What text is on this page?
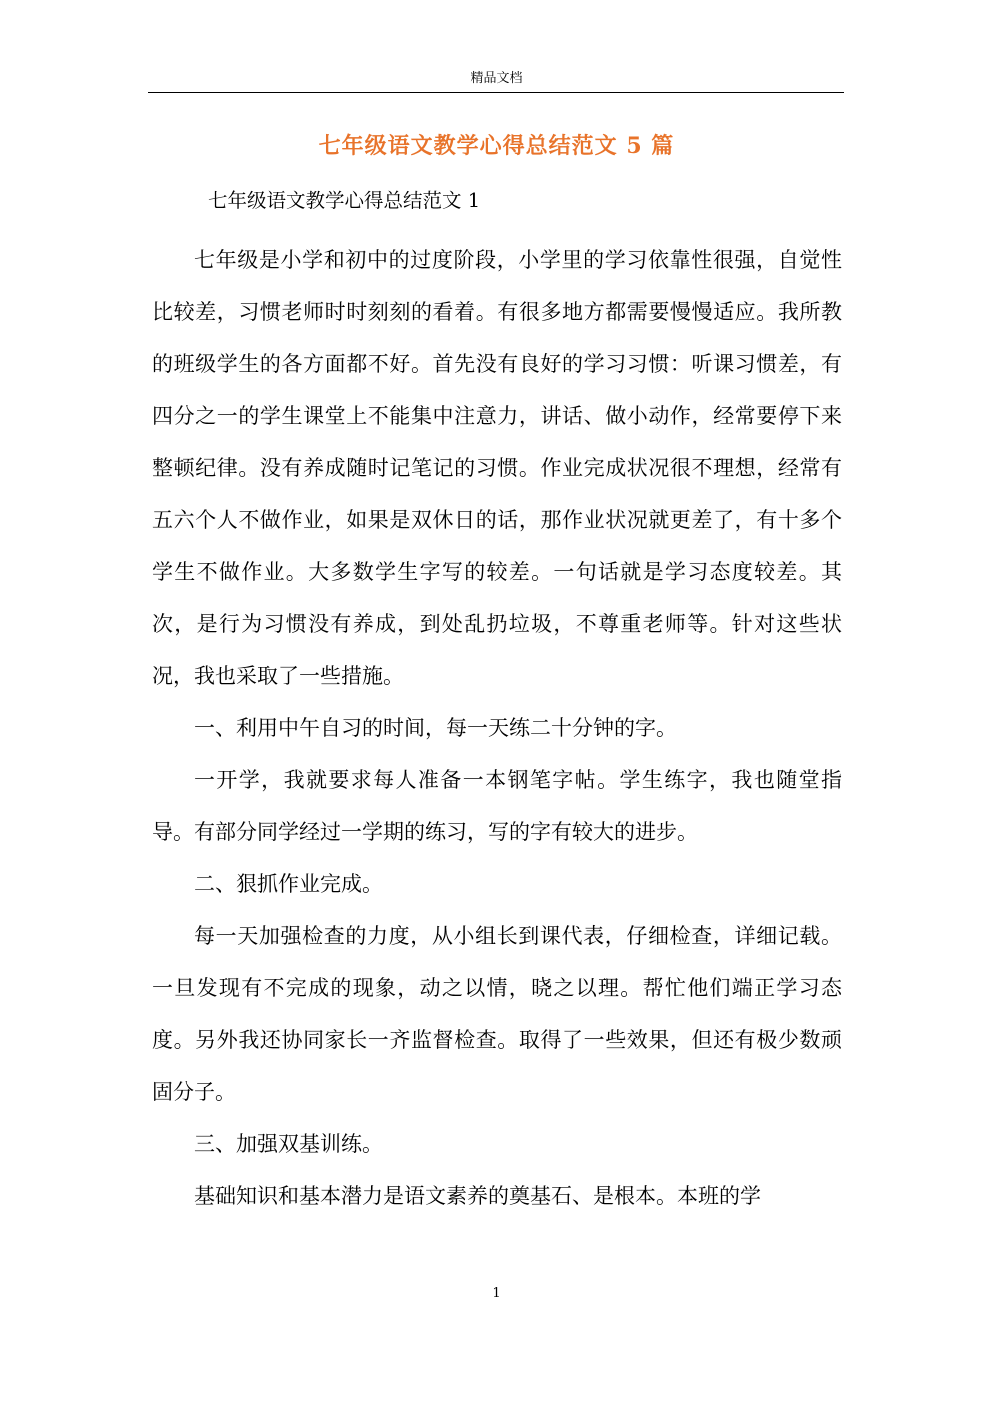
精品文档
七年级语文教学心得总结范文 5 篇
七年级语文教学心得总结范文 1

七年级是小学和初中的过度阶段，小学里的学习依靠性很强，自觉性比较差，习惯老师时时刻刻的看着。有很多地方都需要慢慢适应。我所教的班级学生的各方面都不好。首先没有良好的学习习惯：听课习惯差，有四分之一的学生课堂上不能集中注意力，讲话、做小动作，经常要停下来整顿纪律。没有养成随时记笔记的习惯。作业完成状况很不理想，经常有五六个人不做作业，如果是双休日的话，那作业状况就更差了，有十多个学生不做作业。大多数学生字写的较差。一句话就是学习态度较差。其次，是行为习惯没有养成，到处乱扔垃圾，不尊重老师等。针对这些状况，我也采取了一些措施。

一、利用中午自习的时间，每一天练二十分钟的字。

一开学，我就要求每人准备一本钢笔字帖。学生练字，我也随堂指导。有部分同学经过一学期的练习，写的字有较大的进步。

二、狠抓作业完成。

每一天加强检查的力度，从小组长到课代表，仔细检查，详细记载。一旦发现有不完成的现象，动之以情，晓之以理。帮忙他们端正学习态度。另外我还协同家长一齐监督检查。取得了一些效果，但还有极少数顽固分子。

三、加强双基训练。

基础知识和基本潜力是语文素养的奠基石、是根本。本班的学

1
